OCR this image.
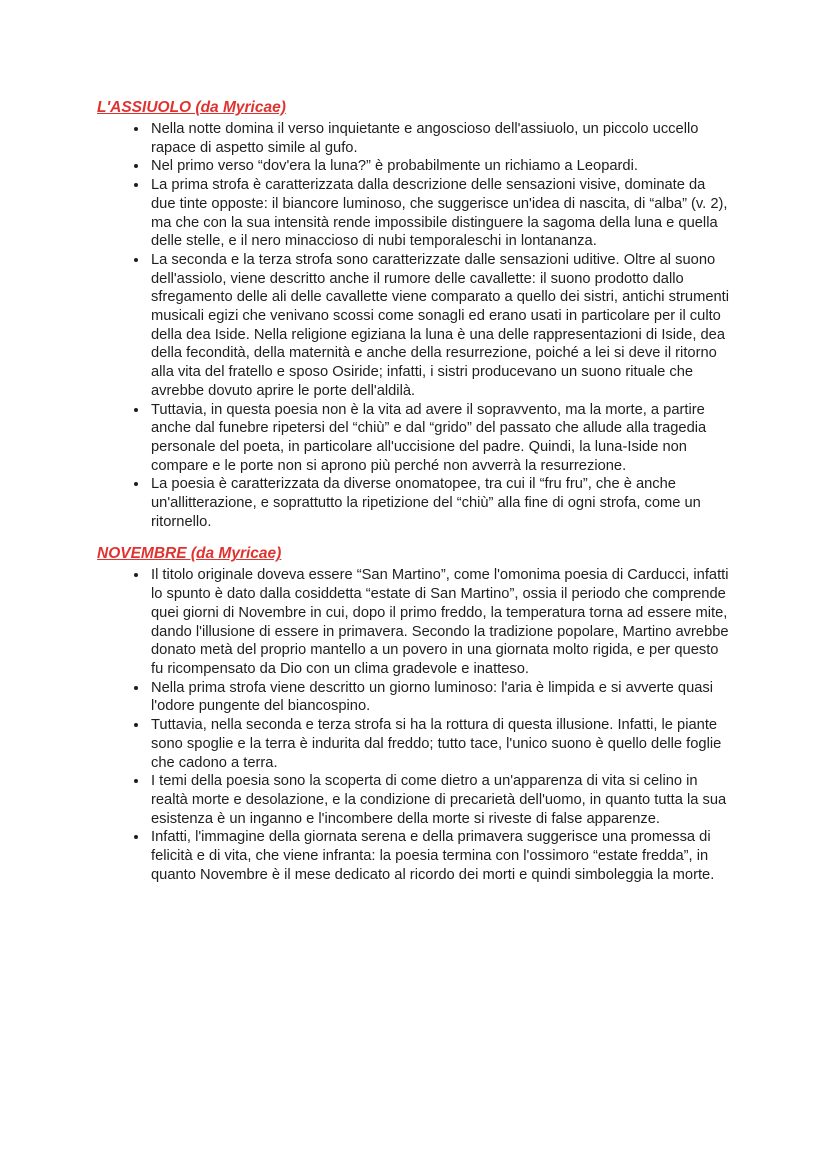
L'ASSIUOLO (da Myricae)
• Nella notte domina il verso inquietante e angoscioso dell'assiuolo, un piccolo uccello rapace di aspetto simile al gufo.
• Nel primo verso “dov'era la luna?” è probabilmente un richiamo a Leopardi.
• La prima strofa è caratterizzata dalla descrizione delle sensazioni visive, dominate da due tinte opposte: il biancore luminoso, che suggerisce un'idea di nascita, di “alba” (v. 2), ma che con la sua intensità rende impossibile distinguere la sagoma della luna e quella delle stelle, e il nero minaccioso di nubi temporaleschi in lontananza.
• La seconda e la terza strofa sono caratterizzate dalle sensazioni uditive. Oltre al suono dell'assiolo, viene descritto anche il rumore delle cavallette: il suono prodotto dallo sfregamento delle ali delle cavallette viene comparato a quello dei sistri, antichi strumenti musicali egizi che venivano scossi come sonagli ed erano usati in particolare per il culto della dea Iside. Nella religione egiziana la luna è una delle rappresentazioni di Iside, dea della fecondità, della maternità e anche della resurrezione, poiché a lei si deve il ritorno alla vita del fratello e sposo Osiride; infatti, i sistri producevano un suono rituale che avrebbe dovuto aprire le porte dell'aldilà.
• Tuttavia, in questa poesia non è la vita ad avere il sopravvento, ma la morte, a partire anche dal funebre ripetersi del “chiù” e dal “grido” del passato che allude alla tragedia personale del poeta, in particolare all'uccisione del padre. Quindi, la luna-Iside non compare e le porte non si aprono più perché non avverrà la resurrezione.
• La poesia è caratterizzata da diverse onomatopee, tra cui il “fru fru”, che è anche un'allitterazione, e soprattutto la ripetizione del “chiù” alla fine di ogni strofa, come un ritornello.
NOVEMBRE (da Myricae)
• Il titolo originale doveva essere “San Martino”, come l'omonima poesia di Carducci, infatti lo spunto è dato dalla cosiddetta “estate di San Martino”, ossia il periodo che comprende quei giorni di Novembre in cui, dopo il primo freddo, la temperatura torna ad essere mite, dando l'illusione di essere in primavera. Secondo la tradizione popolare, Martino avrebbe donato metà del proprio mantello a un povero in una giornata molto rigida, e per questo fu ricompensato da Dio con un clima gradevole e inatteso.
• Nella prima strofa viene descritto un giorno luminoso: l'aria è limpida e si avverte quasi l'odore pungente del biancospino.
• Tuttavia, nella seconda e terza strofa si ha la rottura di questa illusione. Infatti, le piante sono spoglie e la terra è indurita dal freddo; tutto tace, l'unico suono è quello delle foglie che cadono a terra.
• I temi della poesia sono la scoperta di come dietro a un'apparenza di vita si celino in realtà morte e desolazione, e la condizione di precarietà dell'uomo, in quanto tutta la sua esistenza è un inganno e l'incombere della morte si riveste di false apparenze.
• Infatti, l'immagine della giornata serena e della primavera suggerisce una promessa di felicità e di vita, che viene infranta: la poesia termina con l'ossimoro “estate fredda”, in quanto Novembre è il mese dedicato al ricordo dei morti e quindi simboleggia la morte.
